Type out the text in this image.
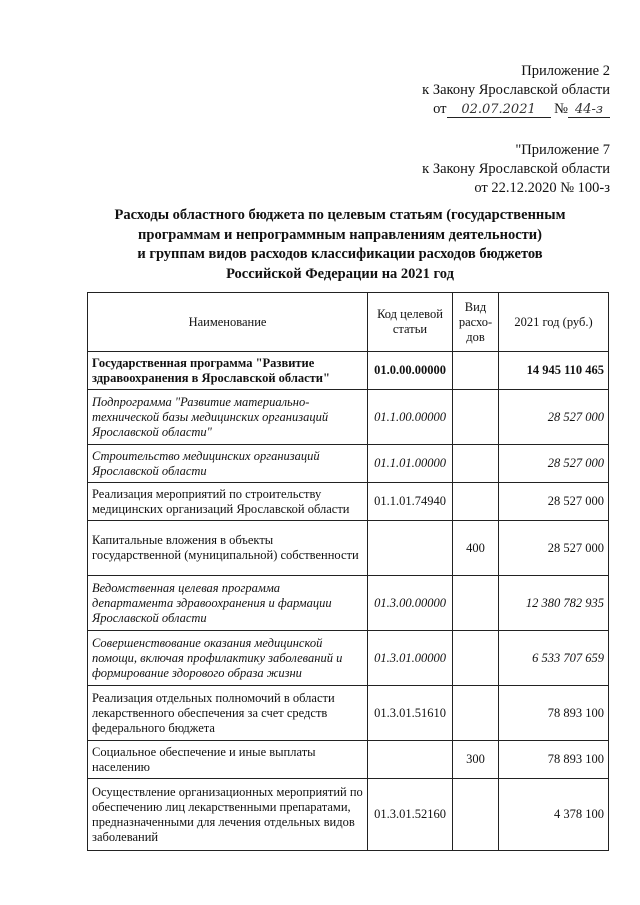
Приложение 2
к Закону Ярославской области
от 02.07.2021 № 44-з
"Приложение 7
к Закону Ярославской области
от 22.12.2020 № 100-з
Расходы областного бюджета по целевым статьям (государственным
программам и непрограммным направлениям деятельности)
и группам видов расходов классификации расходов бюджетов
Российской Федерации на 2021 год
Наименование	Код целевой статьи	Вид расхо-дов	2021 год (руб.)
Государственная программа "Развитие здравоохранения в Ярославской области"	01.0.00.00000		14 945 110 465
Подпрограмма "Развитие материально-технической базы медицинских организаций Ярославской области"	01.1.00.00000		28 527 000
Строительство медицинских организаций Ярославской области	01.1.01.00000		28 527 000
Реализация мероприятий по строительству медицинских организаций Ярославской области	01.1.01.74940		28 527 000
Капитальные вложения в объекты государственной (муниципальной) собственности		400	28 527 000
Ведомственная целевая программа департамента здравоохранения и фармации Ярославской области	01.3.00.00000		12 380 782 935
Совершенствование оказания медицинской помощи, включая профилактику заболеваний и формирование здорового образа жизни	01.3.01.00000		6 533 707 659
Реализация отдельных полномочий в области лекарственного обеспечения за счет средств федерального бюджета	01.3.01.51610		78 893 100
Социальное обеспечение и иные выплаты населению		300	78 893 100
Осуществление организационных мероприятий по обеспечению лиц лекарственными препаратами, предназначенными для лечения отдельных видов заболеваний	01.3.01.52160		4 378 100
